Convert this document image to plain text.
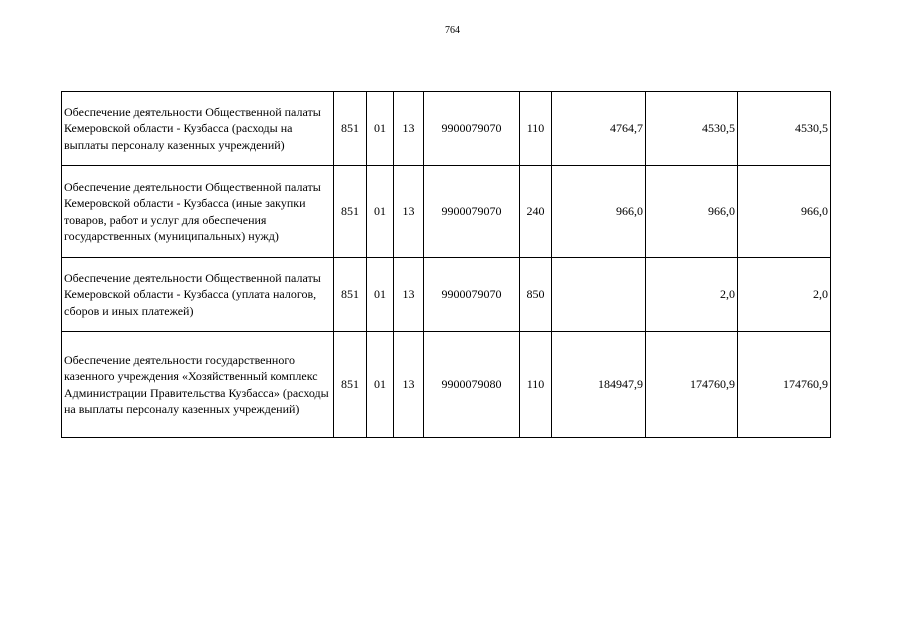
764
Обеспечение деятельности Общественной палаты Кемеровской области - Кузбасса (расходы на выплаты персоналу казенных учреждений)	851	01	13	9900079070	110	4764,7	4530,5	4530,5
Обеспечение деятельности Общественной палаты Кемеровской области - Кузбасса (иные закупки товаров, работ и услуг для обеспечения государственных (муниципальных) нужд)	851	01	13	9900079070	240	966,0	966,0	966,0
Обеспечение деятельности Общественной палаты Кемеровской области - Кузбасса (уплата налогов, сборов и иных платежей)	851	01	13	9900079070	850		2,0	2,0
Обеспечение деятельности государственного казенного учреждения «Хозяйственный комплекс Администрации Правительства Кузбасса» (расходы на выплаты персоналу казенных учреждений)	851	01	13	9900079080	110	184947,9	174760,9	174760,9
